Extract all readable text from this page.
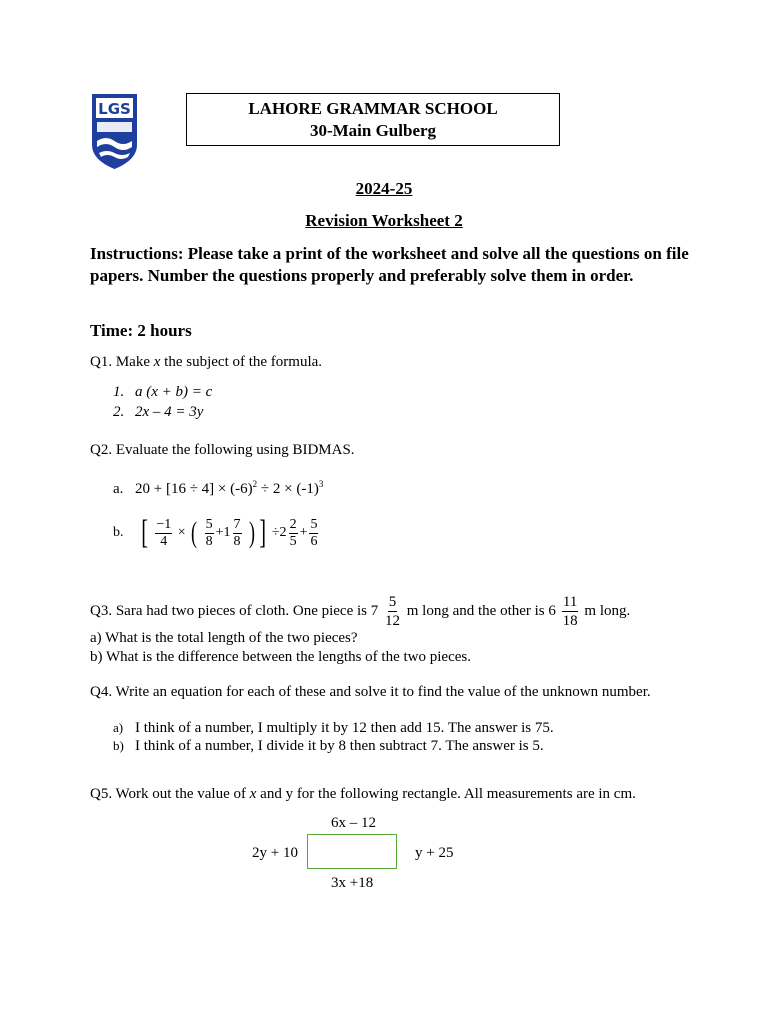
LGS	LAHORE GRAMMAR SCHOOL
30-Main Gulberg
2024-25
Revision Worksheet 2
Instructions: Please take a print of the worksheet and solve all the questions on file papers. Number the questions properly and preferably solve them in order.
Time: 2 hours
Q1. Make x the subject of the formula.
1. a (x + b) = c
2. 2x – 4 = 3y
Q2. Evaluate the following using BIDMAS.
a. $20 + [16 \div 4] \times (-6)^2 \div 2 \times (-1)^3$
b. [ $\frac{-1}{4}$ × ( $\frac{5}{8} +1 \frac{7}{8}$ ) ] $\div 2 \frac{2}{5} + \frac{5}{6}$
Q3. Sara had two pieces of cloth. One piece is $7 \frac{5}{12}$ m long and the other is $6 \frac{11}{18}$ m long.
a) What is the total length of the two pieces?
b) What is the difference between the lengths of the two pieces.
Q4. Write an equation for each of these and solve it to find the value of the unknown number.
a) I think of a number, I multiply it by 12 then add 15. The answer is 75.
b) I think of a number, I divide it by 8 then subtract 7. The answer is 5.
Q5. Work out the value of x and y for the following rectangle. All measurements are in cm.
6x – 12
2y + 10	y + 25
3x +18
